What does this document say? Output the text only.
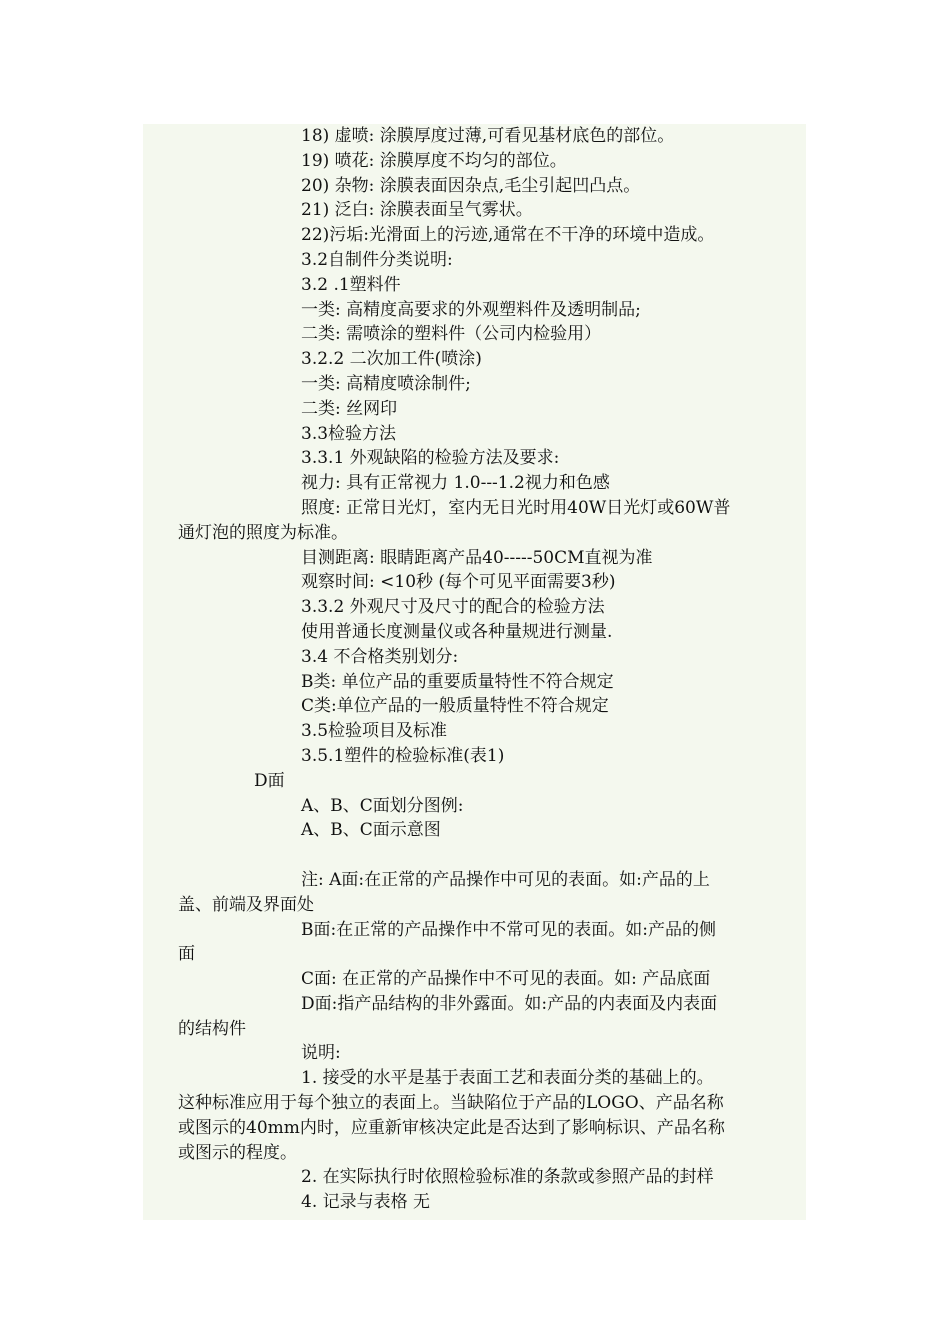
18) 虚喷: 涂膜厚度过薄,可看见基材底色的部位。
19) 喷花: 涂膜厚度不均匀的部位。
20) 杂物: 涂膜表面因杂点,毛尘引起凹凸点。
21) 泛白: 涂膜表面呈气雾状。
22)污垢:光滑面上的污迹,通常在不干净的环境中造成。
3.2自制件分类说明:
3.2 .1塑料件
一类: 高精度高要求的外观塑料件及透明制品;
二类: 需喷涂的塑料件（公司内检验用）
3.2.2 二次加工件(喷涂)
一类: 高精度喷涂制件;
二类: 丝网印
3.3检验方法
3.3.1 外观缺陷的检验方法及要求:
视力: 具有正常视力 1.0---1.2视力和色感
照度: 正常日光灯，室内无日光时用40W日光灯或60W普
通灯泡的照度为标准。
目测距离: 眼睛距离产品40-----50CM直视为准
观察时间: <10秒 (每个可见平面需要3秒)
3.3.2 外观尺寸及尺寸的配合的检验方法
使用普通长度测量仪或各种量规进行测量.
3.4 不合格类别划分:
B类: 单位产品的重要质量特性不符合规定
C类:单位产品的一般质量特性不符合规定
3.5检验项目及标准
3.5.1塑件的检验标准(表1)
D面
A、B、C面划分图例:
A、B、C面示意图
注: A面:在正常的产品操作中可见的表面。如:产品的上
盖、前端及界面处
B面:在正常的产品操作中不常可见的表面。如:产品的侧
面
C面: 在正常的产品操作中不可见的表面。如: 产品底面
D面:指产品结构的非外露面。如:产品的内表面及内表面
的结构件
说明:
1. 接受的水平是基于表面工艺和表面分类的基础上的。
这种标准应用于每个独立的表面上。当缺陷位于产品的LOGO、产品名称
或图示的40mm内时，应重新审核决定此是否达到了影响标识、产品名称
或图示的程度。
2. 在实际执行时依照检验标准的条款或参照产品的封样
4. 记录与表格 无
